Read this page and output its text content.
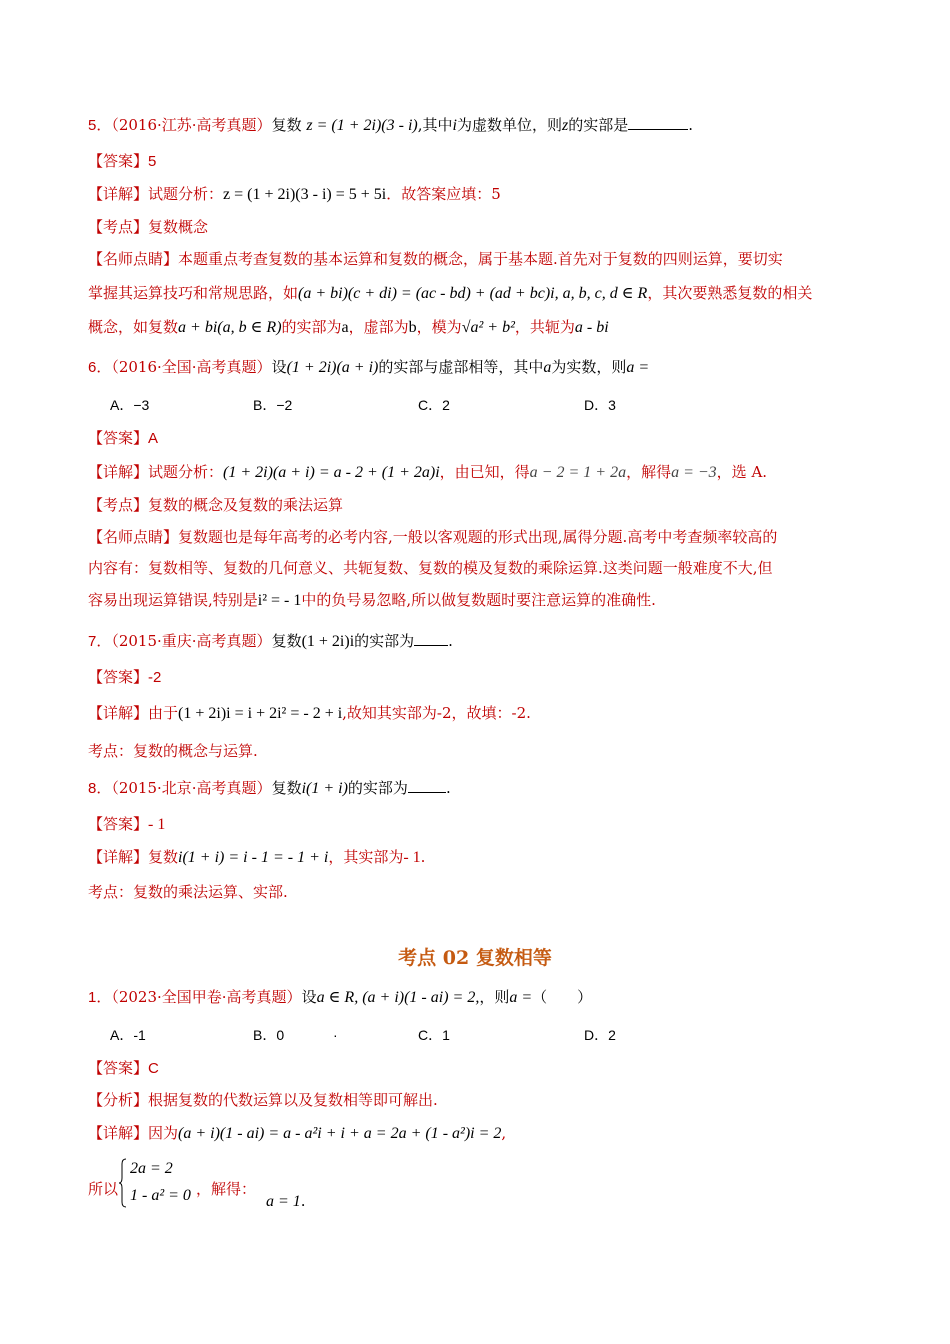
5．（2016·江苏·高考真题）复数 z = (1 + 2i)(3 - i),其中i为虚数单位，则z的实部是	.
【答案】5
【详解】试题分析：z = (1 + 2i)(3 - i) = 5 + 5i．故答案应填：5
【考点】复数概念
【名师点睛】本题重点考查复数的基本运算和复数的概念，属于基本题.首先对于复数的四则运算，要切实
掌握其运算技巧和常规思路，如(a + bi)(c + di) = (ac - bd) + (ad + bc)i, a, b, c, d ∈ R，其次要熟悉复数的相关
概念，如复数a + bi(a, b ∈ R)的实部为a，虚部为b，模为√a² + b²，共轭为a - bi
6．（2016·全国·高考真题）设(1 + 2i)(a + i)的实部与虚部相等，其中a为实数，则a =
A．−3	B．−2	C．2	D．3
【答案】A
【详解】试题分析：(1 + 2i)(a + i) = a - 2 + (1 + 2a)i，由已知，得a − 2 = 1 + 2a，解得a = −3，选 A.
【考点】复数的概念及复数的乘法运算
【名师点睛】复数题也是每年高考的必考内容,一般以客观题的形式出现,属得分题.高考中考查频率较高的
内容有：复数相等、复数的几何意义、共轭复数、复数的模及复数的乘除运算.这类问题一般难度不大,但
容易出现运算错误,特别是i² = - 1中的负号易忽略,所以做复数题时要注意运算的准确性.
7．（2015·重庆·高考真题）复数(1 + 2i)i的实部为 .
【答案】-2
【详解】由于(1 + 2i)i = i + 2i² = - 2 + i,故知其实部为-2，故填：-2.
考点：复数的概念与运算.
8．（2015·北京·高考真题）复数i(1 + i)的实部为	.
【答案】- 1
【详解】复数i(1 + i) = i - 1 = - 1 + i，其实部为- 1.
考点：复数的乘法运算、实部.
考点 02 复数相等
1．（2023·全国甲卷·高考真题）设a ∈ R, (a + i)(1 - ai) = 2,，则a =（　　）
A．-1	B．0	·	C．1	D．2
【答案】C
【分析】根据复数的代数运算以及复数相等即可解出.
【详解】因为(a + i)(1 - ai) = a - a²i + i + a = 2a + (1 - a²)i = 2,
所以
2a = 2
1 - a² = 0 ，解得：
a = 1.
